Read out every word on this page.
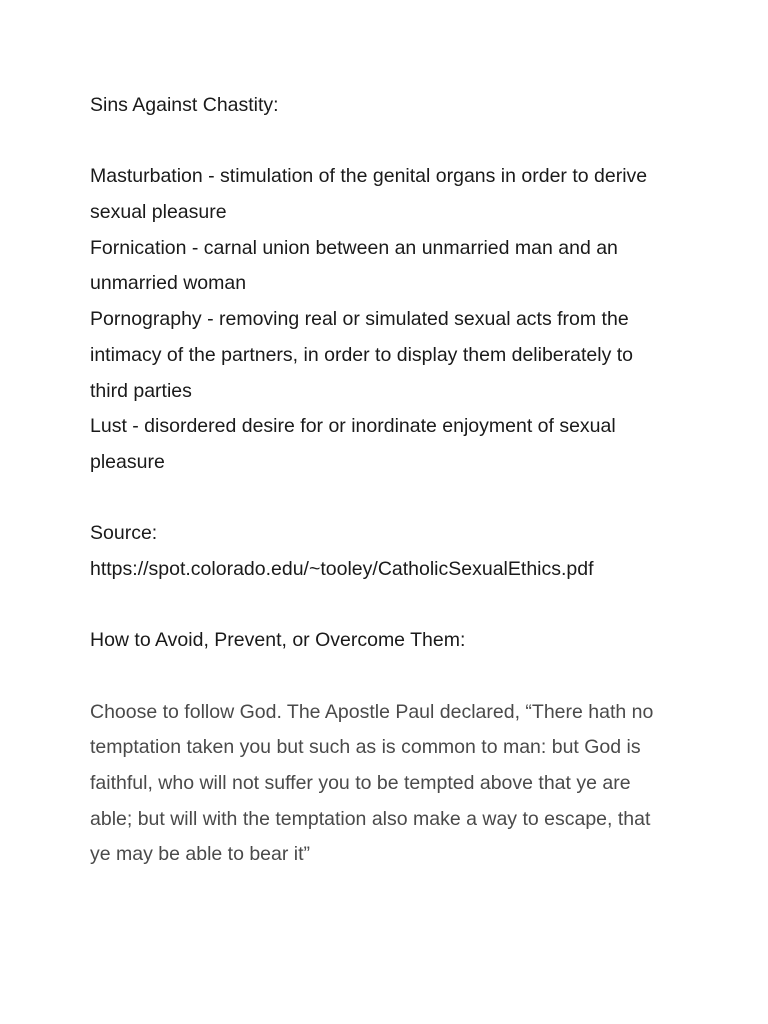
Sins Against Chastity:
Masturbation - stimulation of the genital organs in order to derive
sexual pleasure
Fornication - carnal union between an unmarried man and an
unmarried woman
Pornography - removing real or simulated sexual acts from the
intimacy of the partners, in order to display them deliberately to
third parties
Lust - disordered desire for or inordinate enjoyment of sexual
pleasure
Source:
https://spot.colorado.edu/~tooley/CatholicSexualEthics.pdf
How to Avoid, Prevent, or Overcome Them:
Choose to follow God. The Apostle Paul declared, “There hath no
temptation taken you but such as is common to man: but God is
faithful, who will not suffer you to be tempted above that ye are
able; but will with the temptation also make a way to escape, that
ye may be able to bear it”
